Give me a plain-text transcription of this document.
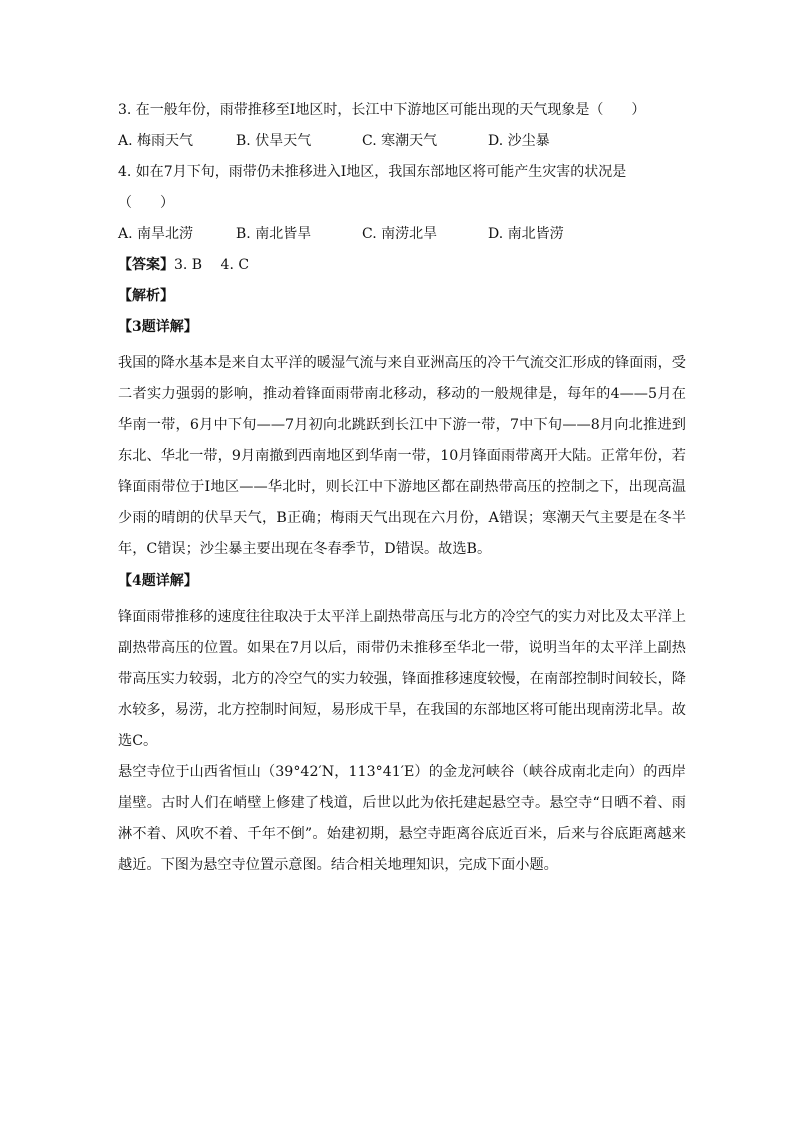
3. 在一般年份，雨带推移至Ⅰ地区时，长江中下游地区可能出现的天气现象是（　　）
A. 梅雨天气	B. 伏旱天气	C. 寒潮天气	D. 沙尘暴
4. 如在7月下旬，雨带仍未推移进入Ⅰ地区，我国东部地区将可能产生灾害的状况是
（　　）
A. 南旱北涝	B. 南北皆旱	C. 南涝北旱	D. 南北皆涝
【答案】3. B　 4. C
【解析】
【3题详解】
我国的降水基本是来自太平洋的暖湿气流与来自亚洲高压的冷干气流交汇形成的锋面雨，受二者实力强弱的影响，推动着锋面雨带南北移动，移动的一般规律是，每年的4——5月在华南一带，6月中下旬——7月初向北跳跃到长江中下游一带，7中下旬——8月向北推进到东北、华北一带，9月南撤到西南地区到华南一带，10月锋面雨带离开大陆。正常年份，若锋面雨带位于Ⅰ地区——华北时，则长江中下游地区都在副热带高压的控制之下，出现高温少雨的晴朗的伏旱天气，B正确；梅雨天气出现在六月份，A错误；寒潮天气主要是在冬半年，C错误；沙尘暴主要出现在冬春季节，D错误。故选B。
【4题详解】
锋面雨带推移的速度往往取决于太平洋上副热带高压与北方的冷空气的实力对比及太平洋上副热带高压的位置。如果在7月以后，雨带仍未推移至华北一带，说明当年的太平洋上副热带高压实力较弱，北方的冷空气的实力较强，锋面推移速度较慢，在南部控制时间较长，降水较多，易涝，北方控制时间短，易形成干旱，在我国的东部地区将可能出现南涝北旱。故选C。
悬空寺位于山西省恒山（39°42′N，113°41′E）的金龙河峡谷（峡谷成南北走向）的西岸崖壁。古时人们在峭壁上修建了栈道，后世以此为依托建起悬空寺。悬空寺“日晒不着、雨淋不着、风吹不着、千年不倒”。始建初期，悬空寺距离谷底近百米，后来与谷底距离越来越近。下图为悬空寺位置示意图。结合相关地理知识，完成下面小题。
